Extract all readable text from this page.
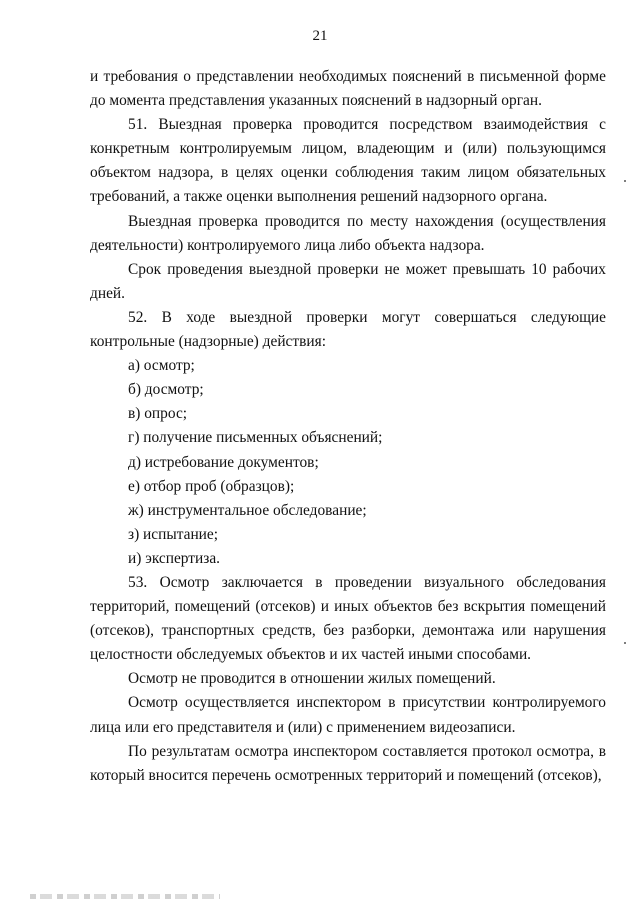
21

и требования о представлении необходимых пояснений в письменной форме до момента представления указанных пояснений в надзорный орган.

51. Выездная проверка проводится посредством взаимодействия с конкретным контролируемым лицом, владеющим и (или) пользующимся объектом надзора, в целях оценки соблюдения таким лицом обязательных требований, а также оценки выполнения решений надзорного органа.

Выездная проверка проводится по месту нахождения (осуществления деятельности) контролируемого лица либо объекта надзора.

Срок проведения выездной проверки не может превышать 10 рабочих дней.

52. В ходе выездной проверки могут совершаться следующие контрольные (надзорные) действия:

а) осмотр;

б) досмотр;

в) опрос;

г) получение письменных объяснений;

д) истребование документов;

е) отбор проб (образцов);

ж) инструментальное обследование;

з) испытание;

и) экспертиза.

53. Осмотр заключается в проведении визуального обследования территорий, помещений (отсеков) и иных объектов без вскрытия помещений (отсеков), транспортных средств, без разборки, демонтажа или нарушения целостности обследуемых объектов и их частей иными способами.

Осмотр не проводится в отношении жилых помещений.

Осмотр осуществляется инспектором в присутствии контролируемого лица или его представителя и (или) с применением видеозаписи.

По результатам осмотра инспектором составляется протокол осмотра, в который вносится перечень осмотренных территорий и помещений (отсеков),
